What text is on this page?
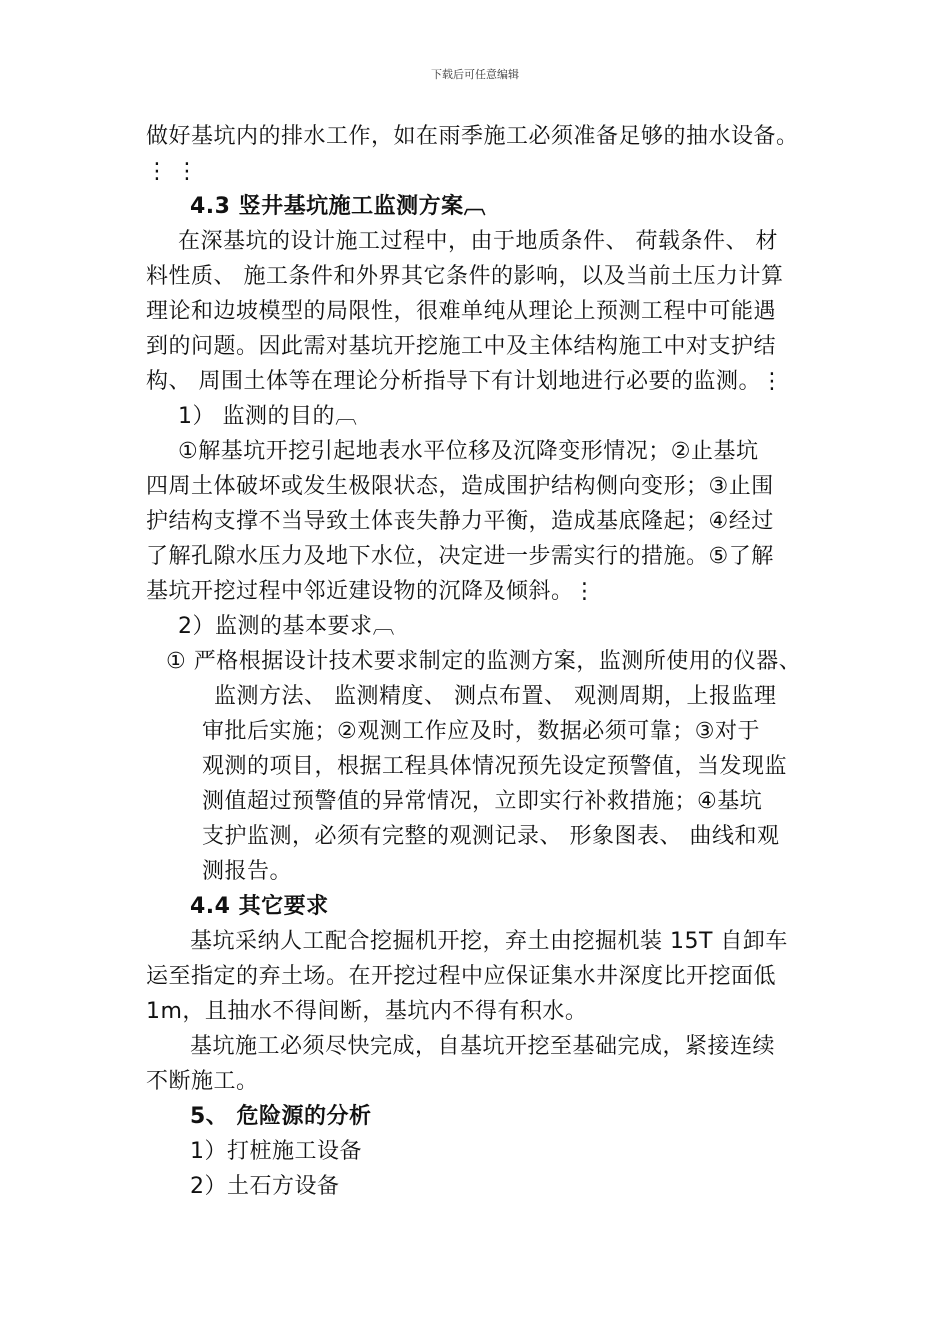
下载后可任意编辑
做好基坑内的排水工作，如在雨季施工必须准备足够的抽水设备。
⋮ ⋮
4.3 竖井基坑施工监测方案︹
在深基坑的设计施工过程中，由于地质条件、 荷载条件、 材
料性质、 施工条件和外界其它条件的影响，以及当前土压力计算
理论和边坡模型的局限性，很难单纯从理论上预测工程中可能遇
到的问题。因此需对基坑开挖施工中及主体结构施工中对支护结
构、 周围土体等在理论分析指导下有计划地进行必要的监测。⋮
1） 监测的目的︹
①解基坑开挖引起地表水平位移及沉降变形情况；②止基坑
四周土体破坏或发生极限状态，造成围护结构侧向变形；③止围
护结构支撑不当导致土体丧失静力平衡，造成基底隆起；④经过
了解孔隙水压力及地下水位，决定进一步需实行的措施。⑤了解
基坑开挖过程中邻近建设物的沉降及倾斜。⋮
2）监测的基本要求︹
① 严格根据设计技术要求制定的监测方案，监测所使用的仪器、
监测方法、 监测精度、 测点布置、 观测周期，上报监理
审批后实施；②观测工作应及时，数据必须可靠；③对于
观测的项目，根据工程具体情况预先设定预警值，当发现监
测值超过预警值的异常情况，立即实行补救措施；④基坑
支护监测，必须有完整的观测记录、 形象图表、 曲线和观
测报告。
4.4 其它要求
基坑采纳人工配合挖掘机开挖，弃土由挖掘机装 15T 自卸车
运至指定的弃土场。在开挖过程中应保证集水井深度比开挖面低
1m，且抽水不得间断，基坑内不得有积水。
基坑施工必须尽快完成，自基坑开挖至基础完成，紧接连续
不断施工。
5、 危险源的分析
1）打桩施工设备
2）土石方设备
